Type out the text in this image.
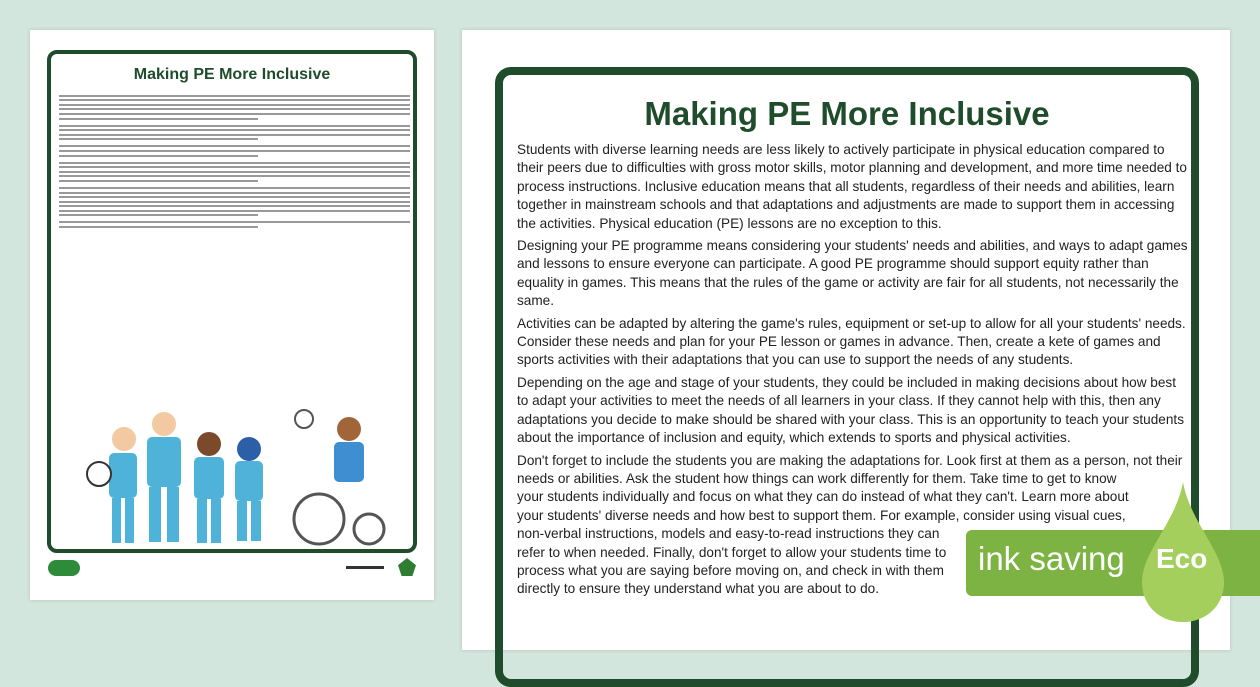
Making PE More Inclusive
Making PE More Inclusive

Students with diverse learning needs are less likely to actively participate in physical education compared to their peers due to difficulties with gross motor skills, motor planning and development, and more time needed to process instructions. Inclusive education means that all students, regardless of their needs and abilities, learn together in mainstream schools and that adaptations and adjustments are made to support them in accessing the activities. Physical education (PE) lessons are no exception to this.

Designing your PE programme means considering your students' needs and abilities, and ways to adapt games and lessons to ensure everyone can participate. A good PE programme should support equity rather than equality in games. This means that the rules of the game or activity are fair for all students, not necessarily the same.

Activities can be adapted by altering the game's rules, equipment or set-up to allow for all your students' needs. Consider these needs and plan for your PE lesson or games in advance. Then, create a kete of games and sports activities with their adaptations that you can use to support the needs of any students.

Depending on the age and stage of your students, they could be included in making decisions about how best to adapt your activities to meet the needs of all learners in your class. If they cannot help with this, then any adaptations you decide to make should be shared with your class. This is an opportunity to teach your students about the importance of inclusion and equity, which extends to sports and physical activities.

Don't forget to include the students you are making the adaptations for. Look first at them as a person, not their needs or abilities. Ask the student how things can work differently for them. Take time to get to know your students individually and focus on what they can do instead of what they can't. Learn more about your students' diverse needs and how best to support them. For example, consider using visual cues, non-verbal instructions, models and easy-to-read instructions they can refer to when needed. Finally, don't forget to allow your students time to process what you are saying before moving on, and check in with them directly to ensure they understand what you are about to do.

ink saving Eco
